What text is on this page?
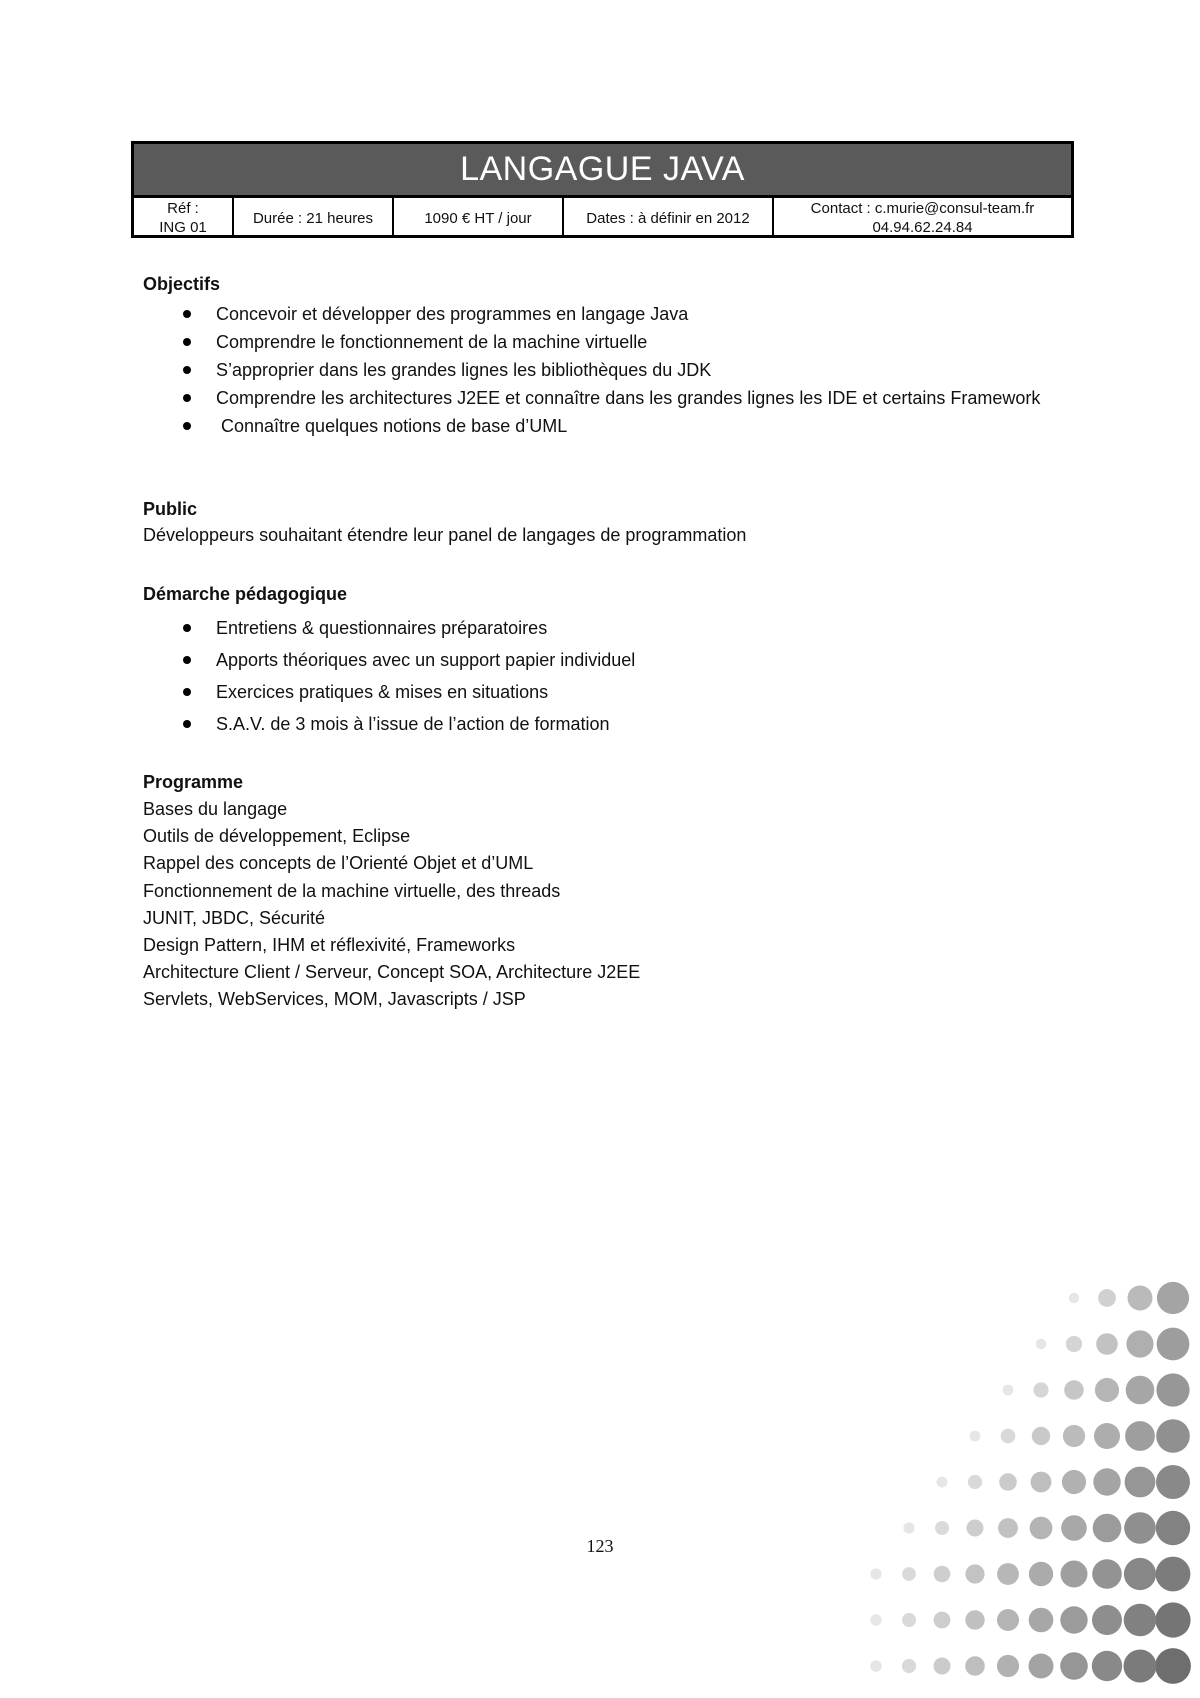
LANGAGUE JAVA
Réf :
ING 01
Durée : 21 heures	1090 € HT / jour	Dates : à définir en 2012
Contact : c.murie@consul-team.fr
04.94.62.24.84
Objectifs
Concevoir et développer des programmes en langage Java
Comprendre le fonctionnement de la machine virtuelle
S’approprier dans les grandes lignes les bibliothèques du JDK
Comprendre les architectures J2EE et connaître dans les grandes lignes les IDE et certains Framework
Connaître quelques notions de base d’UML
Public
Développeurs souhaitant étendre leur panel de langages de programmation
Démarche pédagogique
Entretiens & questionnaires préparatoires
Apports théoriques avec un support papier individuel
Exercices pratiques & mises en situations
S.A.V. de 3 mois à l’issue de l’action de formation
Programme
Bases du langage
Outils de développement, Eclipse
Rappel des concepts de l’Orienté Objet et d’UML
Fonctionnement de la machine virtuelle, des threads
JUNIT, JBDC, Sécurité
Design Pattern, IHM et réflexivité, Frameworks
Architecture Client / Serveur, Concept SOA, Architecture J2EE
Servlets, WebServices, MOM, Javascripts / JSP
123
